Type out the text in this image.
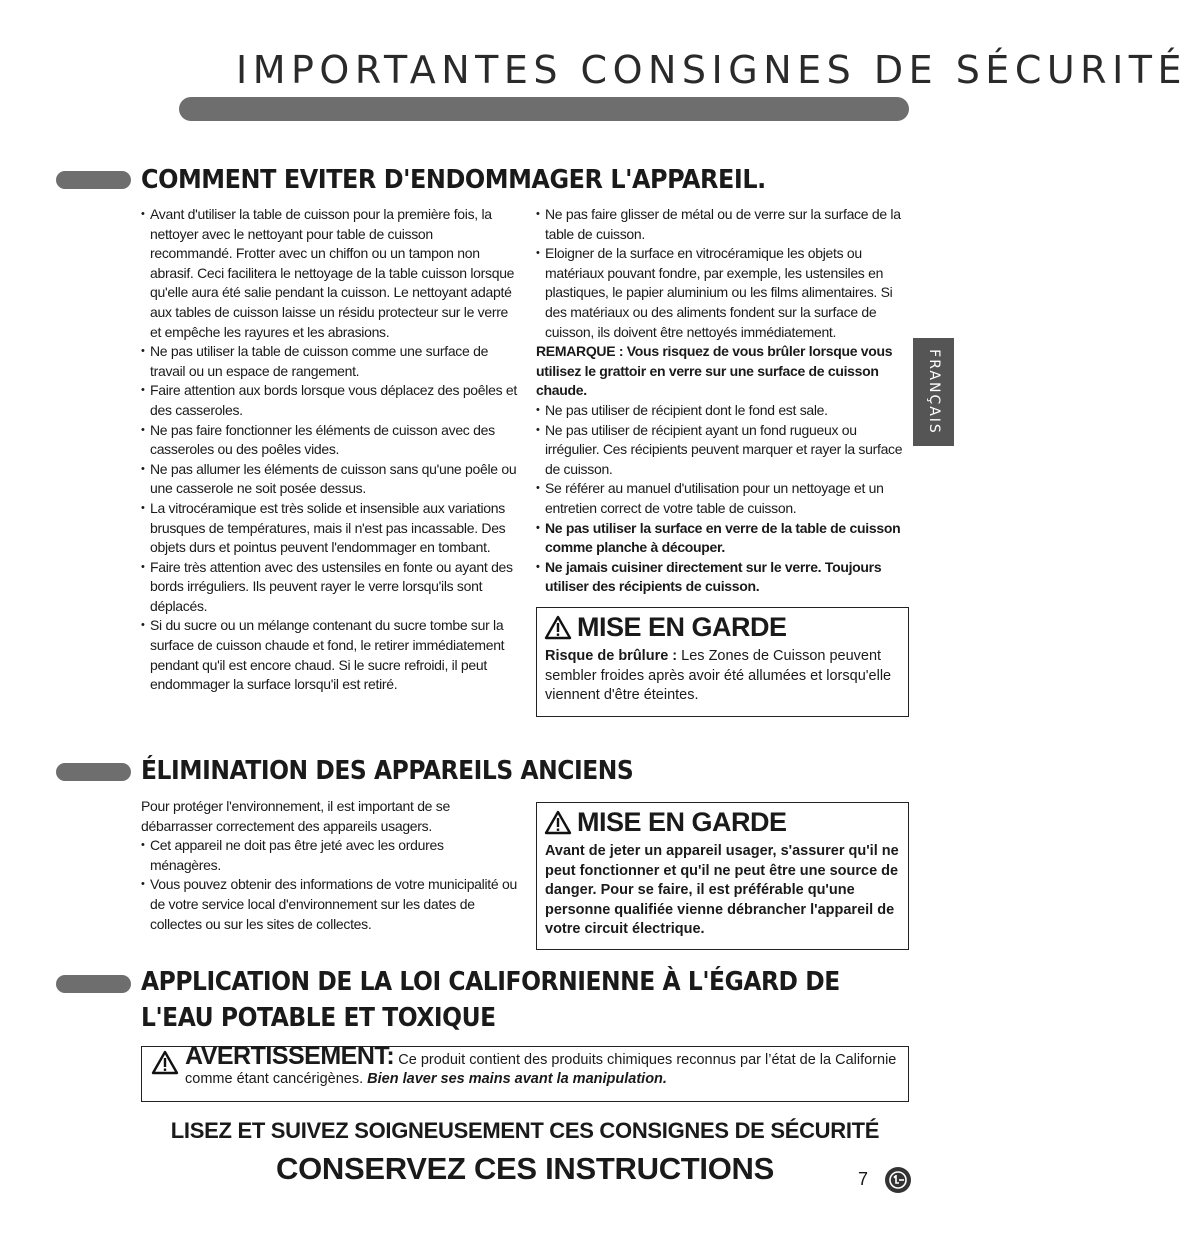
IMPORTANTES CONSIGNES DE SÉCURITÉ
FRANÇAIS
COMMENT EVITER D'ENDOMMAGER L'APPAREIL.
• Avant d'utiliser la table de cuisson pour la première fois, la nettoyer avec le nettoyant pour table de cuisson recommandé. Frotter avec un chiffon ou un tampon non abrasif. Ceci facilitera le nettoyage de la table cuisson lorsque qu'elle aura été salie pendant la cuisson. Le nettoyant adapté aux tables de cuisson laisse un résidu protecteur sur le verre et empêche les rayures et les abrasions.
• Ne pas utiliser la table de cuisson comme une surface de travail ou un espace de rangement.
• Faire attention aux bords lorsque vous déplacez des poêles et des casseroles.
• Ne pas faire fonctionner les éléments de cuisson avec des casseroles ou des poêles vides.
• Ne pas allumer les éléments de cuisson sans qu'une poêle ou une casserole ne soit posée dessus.
• La vitrocéramique est très solide et insensible aux variations brusques de températures, mais il n'est pas incassable. Des objets durs et pointus peuvent l'endommager en tombant.
• Faire très attention avec des ustensiles en fonte ou ayant des bords irréguliers. Ils peuvent rayer le verre lorsqu'ils sont déplacés.
• Si du sucre ou un mélange contenant du sucre tombe sur la surface de cuisson chaude et fond, le retirer immédiatement pendant qu'il est encore chaud. Si le sucre refroidi, il peut endommager la surface lorsqu'il est retiré.
• Ne pas faire glisser de métal ou de verre sur la surface de la table de cuisson.
• Eloigner de la surface en vitrocéramique les objets ou matériaux pouvant fondre, par exemple, les ustensiles en plastiques, le papier aluminium ou les films alimentaires. Si des matériaux ou des aliments fondent sur la surface de cuisson, ils doivent être nettoyés immédiatement.
REMARQUE : Vous risquez de vous brûler lorsque vous utilisez le grattoir en verre sur une surface de cuisson chaude.
• Ne pas utiliser de récipient dont le fond est sale.
• Ne pas utiliser de récipient ayant un fond rugueux ou irrégulier. Ces récipients peuvent marquer et rayer la surface de cuisson.
• Se référer au manuel d'utilisation pour un nettoyage et un entretien correct de votre table de cuisson.
• Ne pas utiliser la surface en verre de la table de cuisson comme planche à découper.
• Ne jamais cuisiner directement sur le verre. Toujours utiliser des récipients de cuisson.
MISE EN GARDE
Risque de brûlure : Les Zones de Cuisson peuvent sembler froides après avoir été allumées et lorsqu'elle viennent d'être éteintes.
ÉLIMINATION DES APPAREILS ANCIENS
Pour protéger l'environnement, il est important de se débarrasser correctement des appareils usagers.
• Cet appareil ne doit pas être jeté avec les ordures ménagères.
• Vous pouvez obtenir des informations de votre municipalité ou de votre service local d'environnement sur les dates de collectes ou sur les sites de collectes.
MISE EN GARDE
Avant de jeter un appareil usager, s'assurer qu'il ne peut fonctionner et qu'il ne peut être une source de danger. Pour se faire, il est préférable qu'une personne qualifiée vienne débrancher l'appareil de votre circuit électrique.
APPLICATION DE LA LOI CALIFORNIENNE À L'ÉGARD DE
L'EAU POTABLE ET TOXIQUE
AVERTISSEMENT: Ce produit contient des produits chimiques reconnus par l’état de la Californie comme étant cancérigènes. Bien laver ses mains avant la manipulation.
LISEZ ET SUIVEZ SOIGNEUSEMENT CES CONSIGNES DE SÉCURITÉ
CONSERVEZ CES INSTRUCTIONS	7
